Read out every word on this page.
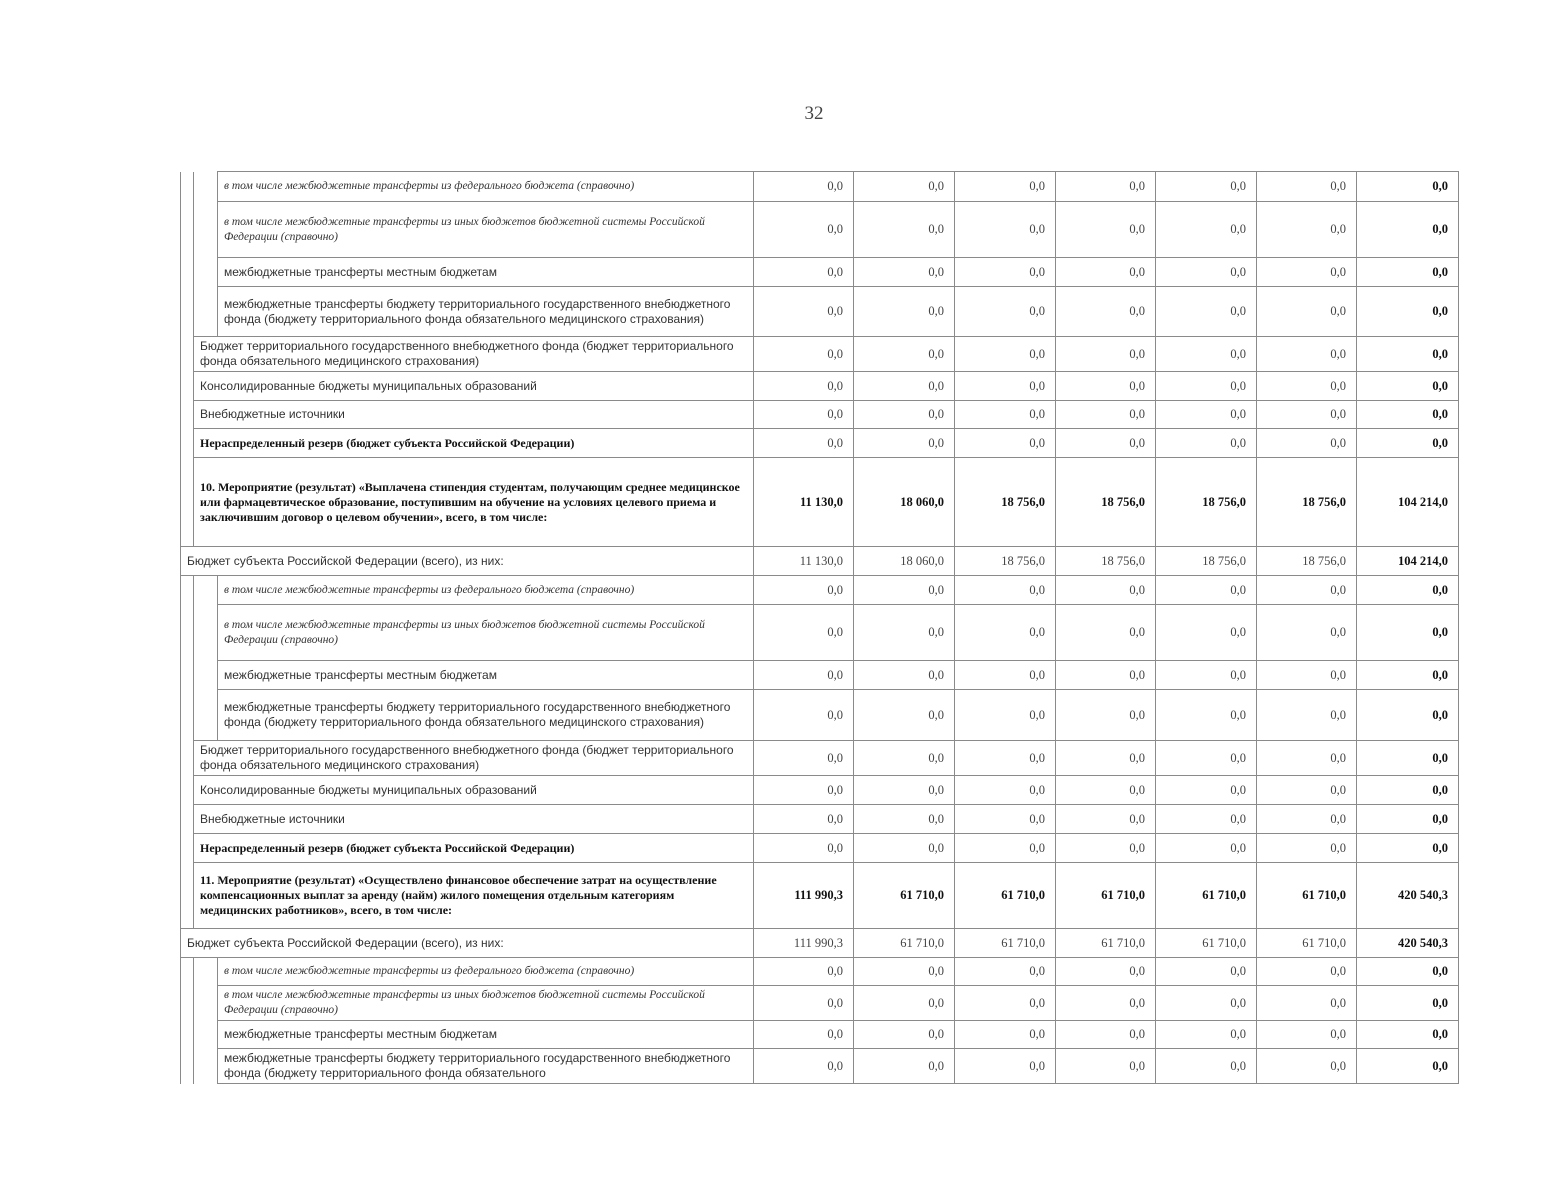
32
		в том числе межбюджетные трансферты из федерального бюджета (справочно)	0,0	0,0	0,0	0,0	0,0	0,0	0,0
		в том числе межбюджетные трансферты из иных бюджетов бюджетной системы Российской Федерации (справочно)	0,0	0,0	0,0	0,0	0,0	0,0	0,0
		межбюджетные трансферты местным бюджетам	0,0	0,0	0,0	0,0	0,0	0,0	0,0
		межбюджетные трансферты бюджету территориального государственного внебюджетного фонда (бюджету территориального фонда обязательного медицинского страхования)	0,0	0,0	0,0	0,0	0,0	0,0	0,0
	Бюджет территориального государственного внебюджетного фонда (бюджет территориального фонда обязательного медицинского страхования)		0,0	0,0	0,0	0,0	0,0	0,0	0,0
	Консолидированные бюджеты муниципальных образований		0,0	0,0	0,0	0,0	0,0	0,0	0,0
	Внебюджетные источники		0,0	0,0	0,0	0,0	0,0	0,0	0,0
	Нераспределенный резерв (бюджет субъекта Российской Федерации)		0,0	0,0	0,0	0,0	0,0	0,0	0,0
	10. Мероприятие (результат) «Выплачена стипендия студентам, получающим среднее медицинское или фармацевтическое образование, поступившим на обучение на условиях целевого приема и заключившим договор о целевом обучении», всего, в том числе:		11 130,0	18 060,0	18 756,0	18 756,0	18 756,0	18 756,0	104 214,0
Бюджет субъекта Российской Федерации (всего), из них:			11 130,0	18 060,0	18 756,0	18 756,0	18 756,0	18 756,0	104 214,0
		в том числе межбюджетные трансферты из федерального бюджета (справочно)	0,0	0,0	0,0	0,0	0,0	0,0	0,0
		в том числе межбюджетные трансферты из иных бюджетов бюджетной системы Российской Федерации (справочно)	0,0	0,0	0,0	0,0	0,0	0,0	0,0
		межбюджетные трансферты местным бюджетам	0,0	0,0	0,0	0,0	0,0	0,0	0,0
		межбюджетные трансферты бюджету территориального государственного внебюджетного фонда (бюджету территориального фонда обязательного медицинского страхования)	0,0	0,0	0,0	0,0	0,0	0,0	0,0
	Бюджет территориального государственного внебюджетного фонда (бюджет территориального фонда обязательного медицинского страхования)		0,0	0,0	0,0	0,0	0,0	0,0	0,0
	Консолидированные бюджеты муниципальных образований		0,0	0,0	0,0	0,0	0,0	0,0	0,0
	Внебюджетные источники		0,0	0,0	0,0	0,0	0,0	0,0	0,0
	Нераспределенный резерв (бюджет субъекта Российской Федерации)		0,0	0,0	0,0	0,0	0,0	0,0	0,0
	11. Мероприятие (результат) «Осуществлено финансовое обеспечение затрат на осуществление компенсационных выплат за аренду (найм) жилого помещения отдельным категориям медицинских работников», всего, в том числе:		111 990,3	61 710,0	61 710,0	61 710,0	61 710,0	61 710,0	420 540,3
Бюджет субъекта Российской Федерации (всего), из них:			111 990,3	61 710,0	61 710,0	61 710,0	61 710,0	61 710,0	420 540,3
		в том числе межбюджетные трансферты из федерального бюджета (справочно)	0,0	0,0	0,0	0,0	0,0	0,0	0,0
		в том числе межбюджетные трансферты из иных бюджетов бюджетной системы Российской Федерации (справочно)	0,0	0,0	0,0	0,0	0,0	0,0	0,0
		межбюджетные трансферты местным бюджетам	0,0	0,0	0,0	0,0	0,0	0,0	0,0
		межбюджетные трансферты бюджету территориального государственного внебюджетного фонда (бюджету территориального фонда обязательного	0,0	0,0	0,0	0,0	0,0	0,0	0,0
